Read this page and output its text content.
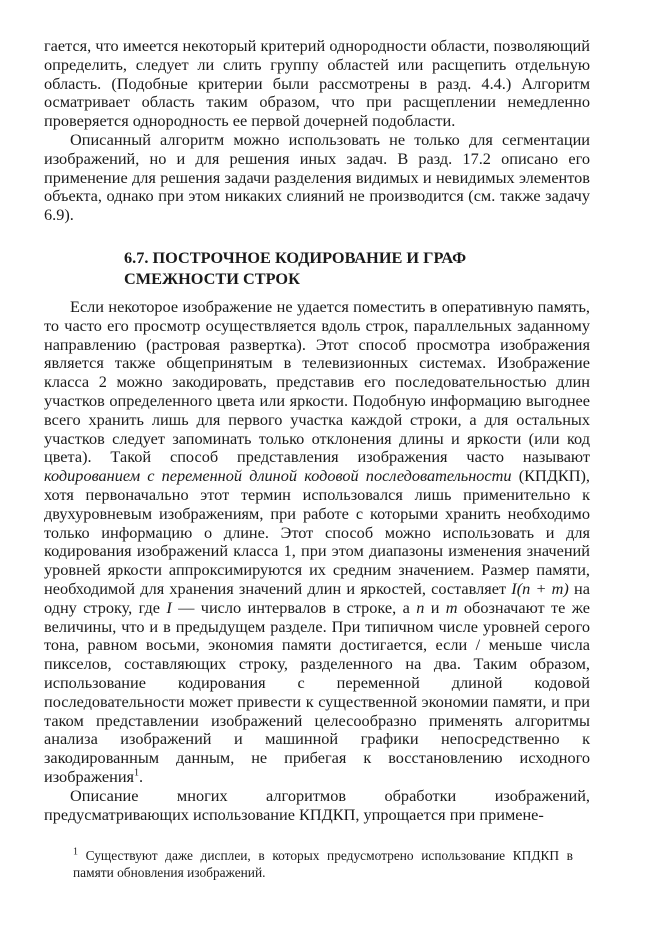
гается, что имеется некоторый критерий однородности области, позволяющий определить, следует ли слить группу областей или расщепить отдельную область. (Подобные критерии были рассмотрены в разд. 4.4.) Алгоритм осматривает область таким образом, что при расщеплении немедленно проверяется однородность ее первой дочерней подобласти.

Описанный алгоритм можно использовать не только для сегментации изображений, но и для решения иных задач. В разд. 17.2 описано его применение для решения задачи разделения видимых и невидимых элементов объекта, однако при этом никаких слияний не производится (см. также задачу 6.9).

6.7. ПОСТРОЧНОЕ КОДИРОВАНИЕ И ГРАФ
СМЕЖНОСТИ СТРОК

Если некоторое изображение не удается поместить в оперативную память, то часто его просмотр осуществляется вдоль строк, параллельных заданному направлению (растровая развертка). Этот способ просмотра изображения является также общепринятым в телевизионных системах. Изображение класса 2 можно закодировать, представив его последовательностью длин участков определенного цвета или яркости. Подобную информацию выгоднее всего хранить лишь для первого участка каждой строки, а для остальных участков следует запоминать только отклонения длины и яркости (или код цвета). Такой способ представления изображения часто называют кодированием с переменной длиной кодовой последовательности (КПДКП), хотя первоначально этот термин использовался лишь применительно к двухуровневым изображениям, при работе с которыми хранить необходимо только информацию о длине. Этот способ можно использовать и для кодирования изображений класса 1, при этом диапазоны изменения значений уровней яркости аппроксимируются их средним значением. Размер памяти, необходимой для хранения значений длин и яркостей, составляет I(n + m) на одну строку, где I — число интервалов в строке, а n и m обозначают те же величины, что и в предыдущем разделе. При типичном числе уровней серого тона, равном восьми, экономия памяти достигается, если / меньше числа пикселов, составляющих строку, разделенного на два. Таким образом, использование кодирования с переменной длиной кодовой последовательности может привести к существенной экономии памяти, и при таком представлении изображений целесообразно применять алгоритмы анализа изображений и машинной графики непосредственно к закодированным данным, не прибегая к восстановлению исходного изображения$^1$.

Описание многих алгоритмов обработки изображений, предусматривающих использование КПДКП, упрощается при примене-

$^1$ Существуют даже дисплеи, в которых предусмотрено использование КПДКП в памяти обновления изображений.
